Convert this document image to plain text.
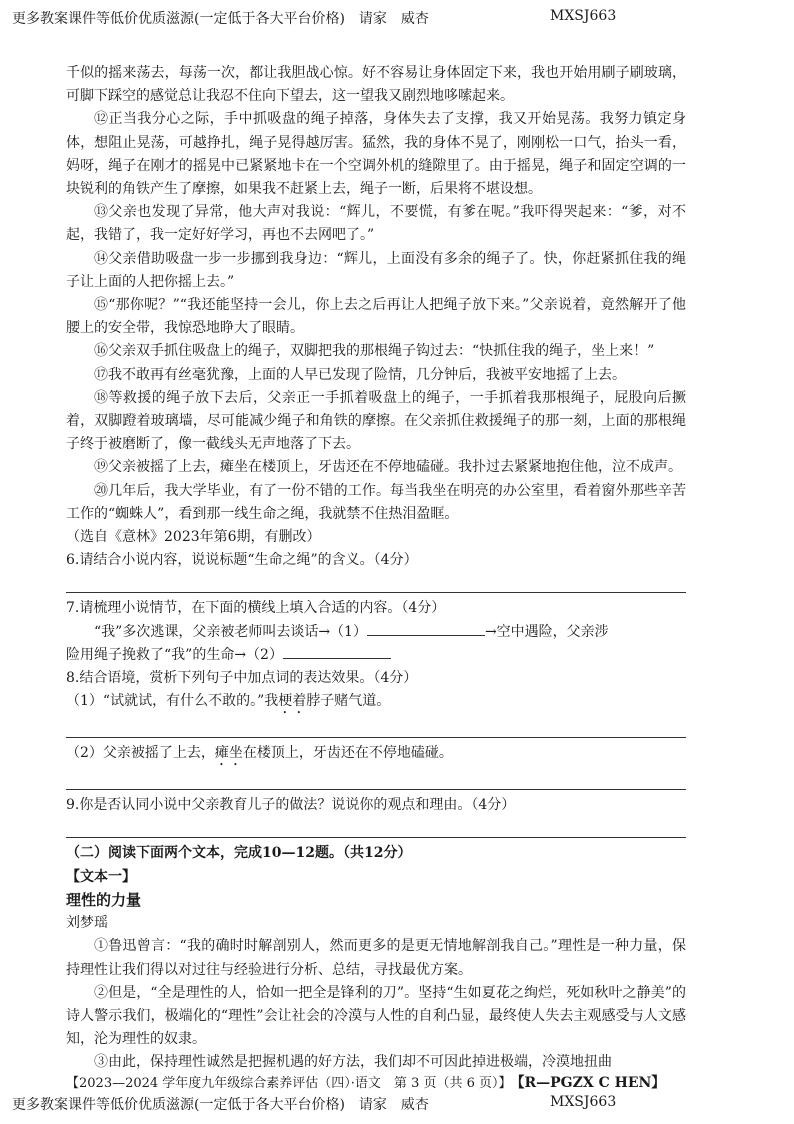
更多教案课件等低价优质滋源(一定低于各大平台价格)　请家　威杏	MXSJ663

千似的摇来荡去，每荡一次，都让我胆战心惊。好不容易让身体固定下来，我也开始用刷子刷玻璃，可脚下踩空的感觉总让我忍不住向下望去，这一望我又剧烈地哆嗦起来。

⑫正当我分心之际，手中抓吸盘的绳子掉落，身体失去了支撑，我又开始晃荡。我努力镇定身体，想阻止晃荡，可越挣扎，绳子晃得越厉害。猛然，我的身体不晃了，刚刚松一口气，抬头一看，妈呀，绳子在刚才的摇晃中已紧紧地卡在一个空调外机的缝隙里了。由于摇晃，绳子和固定空调的一块锐利的角铁产生了摩擦，如果我不赶紧上去，绳子一断，后果将不堪设想。

⑬父亲也发现了异常，他大声对我说：“辉儿，不要慌，有爹在呢。”我吓得哭起来：“爹，对不起，我错了，我一定好好学习，再也不去网吧了。”

⑭父亲借助吸盘一步一步挪到我身边：“辉儿，上面没有多余的绳子了。快，你赶紧抓住我的绳子让上面的人把你摇上去。”

⑮“那你呢？”“我还能坚持一会儿，你上去之后再让人把绳子放下来。”父亲说着，竟然解开了他腰上的安全带，我惊恐地睁大了眼睛。

⑯父亲双手抓住吸盘上的绳子，双脚把我的那根绳子钩过去：“快抓住我的绳子，坐上来！”

⑰我不敢再有丝毫犹豫，上面的人早已发现了险情，几分钟后，我被平安地摇了上去。

⑱等救援的绳子放下去后，父亲正一手抓着吸盘上的绳子，一手抓着我那根绳子，屁股向后撅着，双脚蹬着玻璃墙，尽可能减少绳子和角铁的摩擦。在父亲抓住救援绳子的那一刻，上面的那根绳子终于被磨断了，像一截线头无声地落了下去。

⑲父亲被摇了上去，瘫坐在楼顶上，牙齿还在不停地磕碰。我扑过去紧紧地抱住他，泣不成声。

⑳几年后，我大学毕业，有了一份不错的工作。每当我坐在明亮的办公室里，看着窗外那些辛苦工作的“蜘蛛人”，看到那一线生命之绳，我就禁不住热泪盈眶。

（选自《意林》2023年第6期，有删改）

6.请结合小说内容，说说标题“生命之绳”的含义。（4分）

7.请梳理小说情节，在下面的横线上填入合适的内容。（4分）

“我”多次逃课，父亲被老师叫去谈话→（1）	→空中遇险，父亲涉

险用绳子挽救了“我”的生命→（2）

8.结合语境，赏析下列句子中加点词的表达效果。（4分）

（1）“试就试，有什么不敢的。”我梗着脖子赌气道。

（2）父亲被摇了上去，瘫坐在楼顶上，牙齿还在不停地磕碰。

9.你是否认同小说中父亲教育儿子的做法？说说你的观点和理由。（4分）

（二）阅读下面两个文本，完成10—12题。（共12分）

【文本一】

理性的力量

刘梦瑶

①鲁迅曾言：“我的确时时解剖别人，然而更多的是更无情地解剖我自己。”理性是一种力量，保持理性让我们得以对过往与经验进行分析、总结，寻找最优方案。

②但是，“全是理性的人，恰如一把全是锋利的刀”。坚持“生如夏花之绚烂，死如秋叶之静美”的诗人警示我们，极端化的“理性”会让社会的冷漠与人性的自利凸显，最终使人失去主观感受与人文感知，沦为理性的奴隶。

③由此，保持理性诚然是把握机遇的好方法，我们却不可因此掉进极端，冷漠地扭曲

【2023—2024 学年度九年级综合素养评估（四）·语文　第 3 页（共 6 页）】 【R—PGZX C HEN】
更多教案课件等低价优质滋源(一定低于各大平台价格)　请家　威杏	MXSJ663
